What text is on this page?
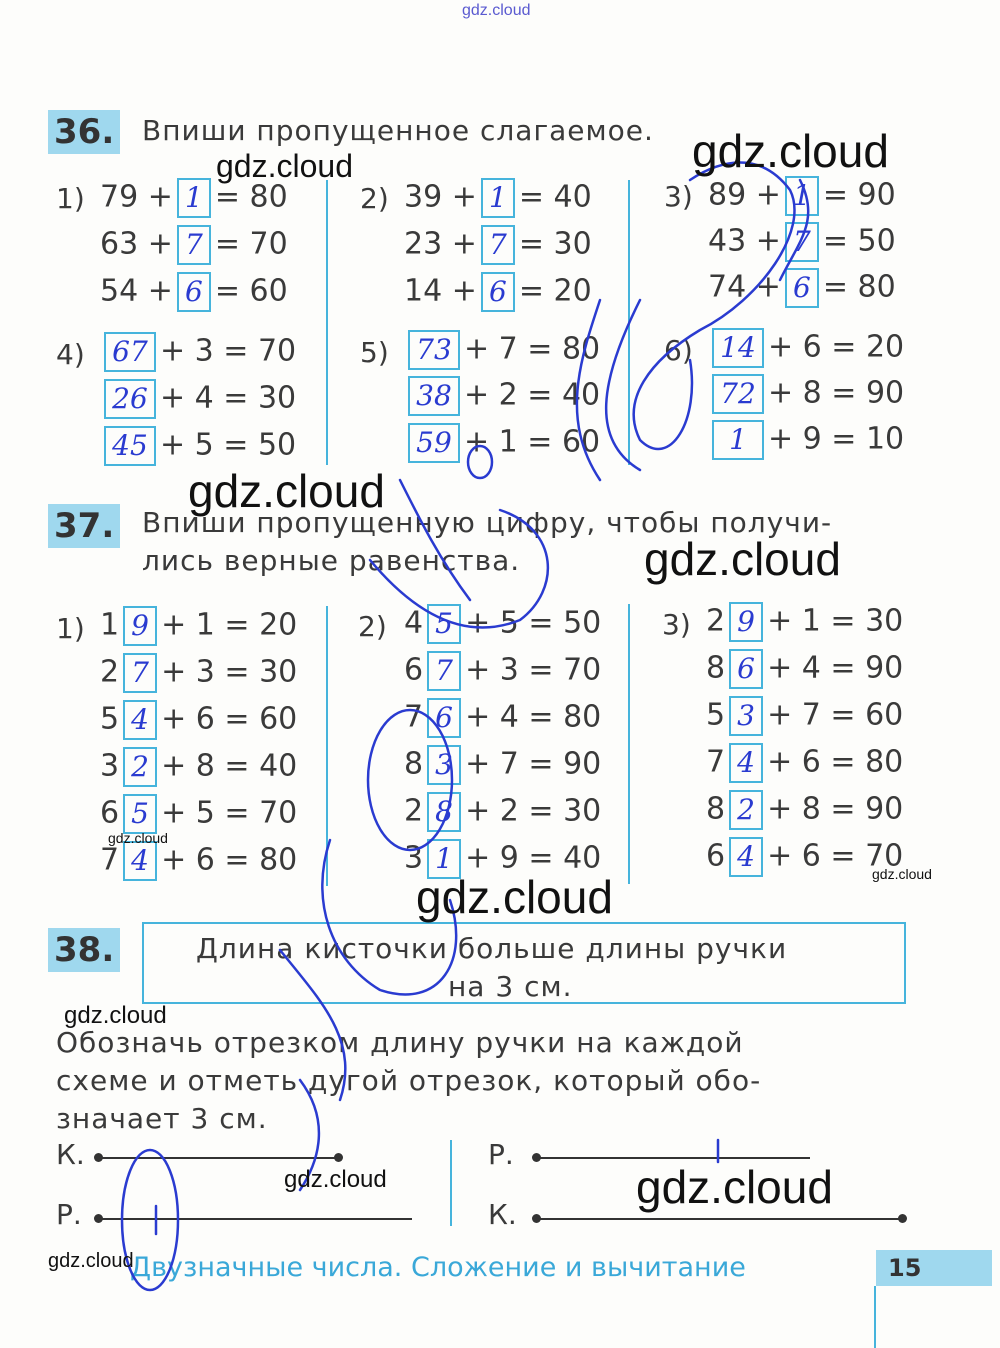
gdz.cloud
36. Впиши пропущенное слагаемое.
1) 79 + 1 = 80
63 + 7 = 70
54 + 6 = 60
2) 39 + 1 = 40
23 + 7 = 30
14 + 6 = 20
3) 89 + 1 = 90
43 + 7 = 50
74 + 6 = 80
4) 67 + 3 = 70
26 + 4 = 30
45 + 5 = 50
5) 73 + 7 = 80
38 + 2 = 40
59 + 1 = 60
6) 14 + 6 = 20
72 + 8 = 90
1 + 9 = 10
37. Впиши пропущенную цифру, чтобы получи-
лись верные равенства.
1) 1 9 + 1 = 20
2 7 + 3 = 30
5 4 + 6 = 60
3 2 + 8 = 40
6 5 + 5 = 70
7 4 + 6 = 80
2) 4 5 + 5 = 50
6 7 + 3 = 70
7 6 + 4 = 80
8 3 + 7 = 90
2 8 + 2 = 30
3 1 + 9 = 40
3) 2 9 + 1 = 30
8 6 + 4 = 90
5 3 + 7 = 60
7 4 + 6 = 80
8 2 + 8 = 90
6 4 + 6 = 70
38.	Длина кисточки больше длины ручки
на 3 см.
Обозначь отрезком длину ручки на каждой
схеме и отметь дугой отрезок, который обо-
значает 3 см.
К.
Р.
Р.
К.
Двузначные числа. Сложение и вычитание	15
gdz.cloud	gdz.cloud
gdz.cloud
gdz.cloud
gdz.cloud
gdz.cloud	gdz.cloud
gdz.cloud
gdz.cloud	gdz.cloud
gdz.cloud
